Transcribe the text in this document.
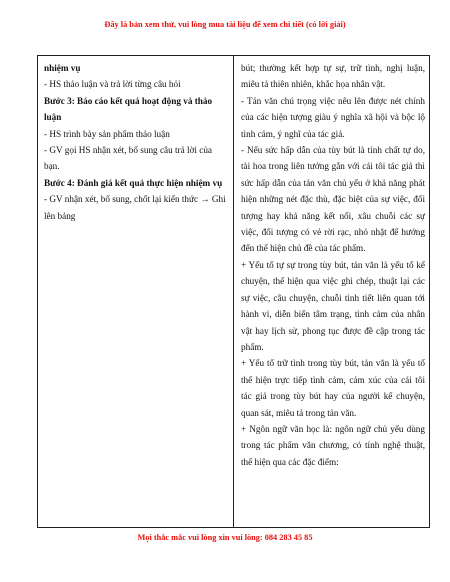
Đây là bản xem thử, vui lòng mua tài liệu để xem chi tiết (có lời giải)

nhiệm vụ

- HS thảo luận và trả lời từng câu hỏi

Bước 3: Báo cáo kết quả hoạt động và thảo luận

- HS trình bày sản phẩm thảo luận

- GV gọi HS nhận xét, bổ sung câu trả lời của bạn.

Bước 4: Đánh giá kết quả thực hiện nhiệm vụ

- GV nhận xét, bổ sung, chốt lại kiến thức → Ghi lên bảng

bút; thường kết hợp tự sự, trữ tình, nghị luận, miêu tả thiên nhiên, khắc họa nhân vật.

- Tản văn chú trọng việc nêu lên được nét chính của các hiện tượng giàu ý nghĩa xã hội và bộc lộ tình cảm, ý nghĩ của tác giả.

- Nếu sức hấp dẫn của tùy bút là tính chất tự do, tài hoa trong liên tưởng gắn với cái tôi tác giả thì sức hấp dẫn của tản văn chủ yếu ở khả năng phát hiện những nét đặc thù, đặc biệt của sự việc, đối tượng hay khả năng kết nối, xâu chuỗi các sự việc, đối tượng có vẻ rời rạc, nhỏ nhặt để hướng đến thể hiện chủ đề của tác phẩm.

+ Yếu tố tự sự trong tùy bút, tản văn là yếu tố kể chuyện, thể hiện qua việc ghi chép, thuật lại các sự việc, câu chuyện, chuỗi tình tiết liên quan tới hành vi, diễn biến tâm trạng, tình cảm của nhân vật hay lịch sử, phong tục được đề cập trong tác phẩm.

+ Yếu tố trữ tình trong tùy bút, tản văn là yếu tố thể hiện trực tiếp tình cảm, cảm xúc của cái tôi tác giả trong tùy bút hay của người kể chuyện, quan sát, miêu tả trong tản văn.

+ Ngôn ngữ văn học là: ngôn ngữ chủ yếu dùng trong tác phẩm văn chương, có tính nghệ thuật, thể hiện qua các đặc điểm:

Mọi thắc mắc vui lòng xin vui lòng: 084 283 45 85
